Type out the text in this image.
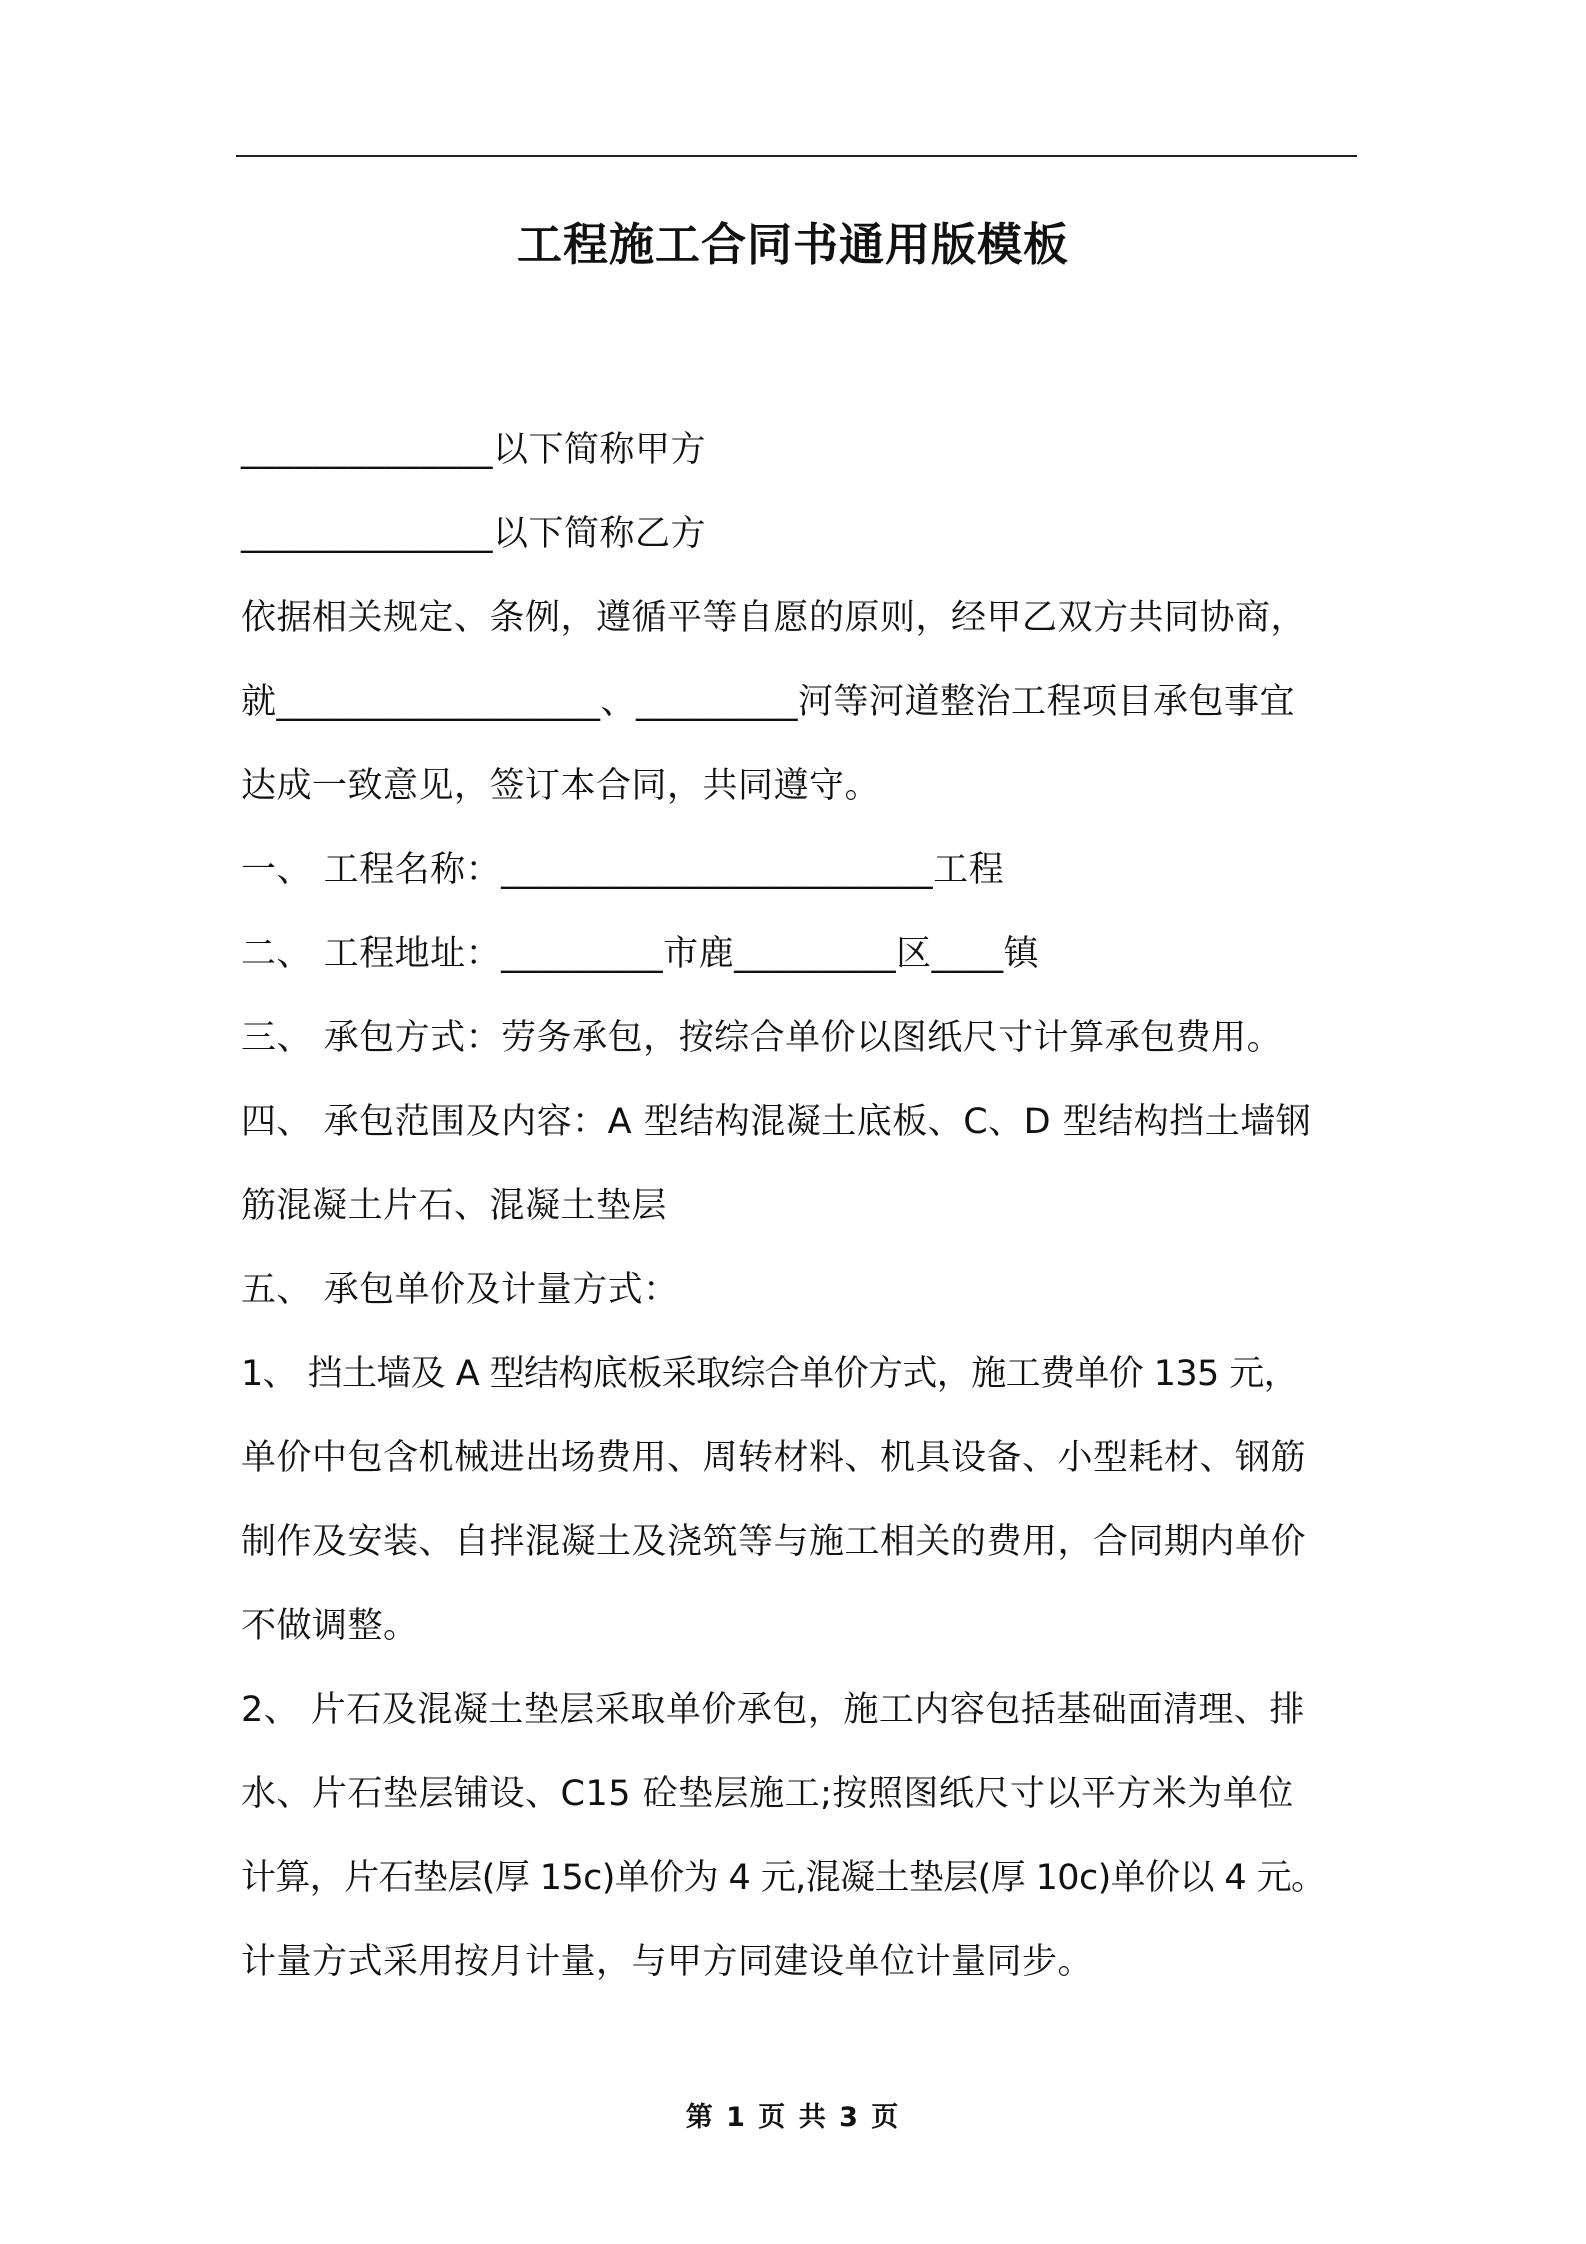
工程施工合同书通用版模板
______________以下简称甲方
______________以下简称乙方
依据相关规定、条例，遵循平等自愿的原则，经甲乙双方共同协商，
就__________________、_________河等河道整治工程项目承包事宜
达成一致意见，签订本合同，共同遵守。
一、 工程名称：________________________工程
二、 工程地址：_________市鹿_________区____镇
三、 承包方式：劳务承包，按综合单价以图纸尺寸计算承包费用。
四、 承包范围及内容：A 型结构混凝土底板、C、D 型结构挡土墙钢
筋混凝土片石、混凝土垫层
五、 承包单价及计量方式：
1、 挡土墙及 A 型结构底板采取综合单价方式，施工费单价 135 元，
单价中包含机械进出场费用、周转材料、机具设备、小型耗材、钢筋
制作及安装、自拌混凝土及浇筑等与施工相关的费用，合同期内单价
不做调整。
2、 片石及混凝土垫层采取单价承包，施工内容包括基础面清理、排
水、片石垫层铺设、C15 砼垫层施工;按照图纸尺寸以平方米为单位
计算，片石垫层(厚 15c)单价为 4 元,混凝土垫层(厚 10c)单价以 4 元。
计量方式采用按月计量，与甲方同建设单位计量同步。
第 1 页 共 3 页
